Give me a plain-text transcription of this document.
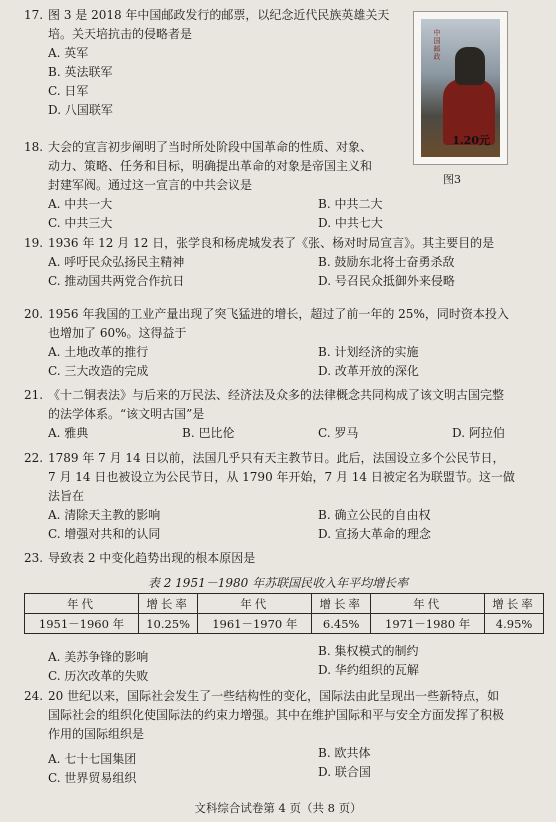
17. 图 3 是 2018 年中国邮政发行的邮票，以纪念近代民族英雄关天
培。关天培抗击的侵略者是
A. 英军
B. 英法联军
C. 日军
D. 八国联军
中国邮政
1.20元
图3
18. 大会的宣言初步阐明了当时所处阶段中国革命的性质、对象、
动力、策略、任务和目标，明确提出革命的对象是帝国主义和
封建军阀。通过这一宣言的中共会议是
A. 中共一大	B. 中共二大
C. 中共三大	D. 中共七大
19. 1936 年 12 月 12 日，张学良和杨虎城发表了《张、杨对时局宣言》。其主要目的是
A. 呼吁民众弘扬民主精神	B. 鼓励东北将士奋勇杀敌
C. 推动国共两党合作抗日	D. 号召民众抵御外来侵略
20. 1956 年我国的工业产量出现了突飞猛进的增长，超过了前一年的 25%，同时资本投入
也增加了 60%。这得益于
A. 土地改革的推行	B. 计划经济的实施
C. 三大改造的完成	D. 改革开放的深化
21. 《十二铜表法》与后来的万民法、经济法及众多的法律概念共同构成了该文明古国完整
的法学体系。“该文明古国”是
A. 雅典	B. 巴比伦	C. 罗马	D. 阿拉伯
22. 1789 年 7 月 14 日以前，法国几乎只有天主教节日。此后，法国设立多个公民节日，
7 月 14 日也被设立为公民节日，从 1790 年开始，7 月 14 日被定名为联盟节。这一做
法旨在
A. 清除天主教的影响	B. 确立公民的自由权
C. 增强对共和的认同	D. 宣扬大革命的理念
23. 导致表 2 中变化趋势出现的根本原因是
表 2 1951－1980 年苏联国民收入年平均增长率
年代	增长率	年代	增长率	年代	增长率
1951－1960 年	10.25%	1961－1970 年	6.45%	1971－1980 年	4.95%
A. 美苏争锋的影响	B. 集权模式的制约
C. 历次改革的失败	D. 华约组织的瓦解
24. 20 世纪以来，国际社会发生了一些结构性的变化，国际法由此呈现出一些新特点，如
国际社会的组织化使国际法的约束力增强。其中在维护国际和平与安全方面发挥了积极
作用的国际组织是
A. 七十七国集团	B. 欧共体
C. 世界贸易组织	D. 联合国
文科综合试卷第 4 页（共 8 页）
